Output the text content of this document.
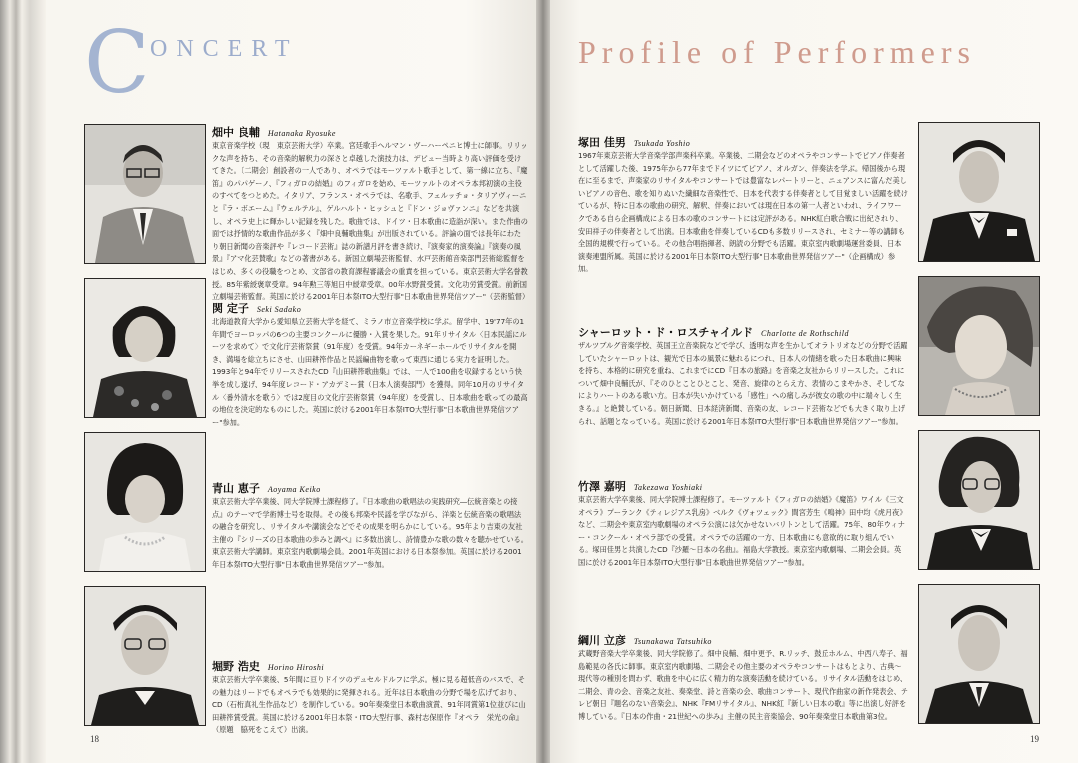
C ONCERT	Profile of Performers
畑中 良輔 Hatanaka Ryosuke

東京音楽学校（現　東京芸術大学）卒業。宮廷歌手ヘルマン・ヴーハーペニヒ博士に師事。リリックな声を持ち、その音楽的解釈力の深さと卓越した演技力は、デビュー当時より高い評価を受けてきた。〔二期会〕創設者の一人であり、オペラではモーツァルト歌手として、第一線に立ち、『魔笛』のパパゲーノ、『フィガロの結婚』のフィガロを始め、モーツァルトのオペラ本邦初演の主役のすべてをつとめた。イタリア、フランス・オペラでは、名歌手、フェルッチョ・タリアヴィーニと『ラ・ボエーム』『ウェルテル』、ゲルハルト・ヒッシュと『ドン・ジョヴァンニ』などを共演し、オペラ史上に輝かしい記録を残した。歌曲では、ドイツ・日本歌曲に造詣が深い。また作曲の面では抒情的な歌曲作品が多く『畑中良輔歌曲集』が出版されている。評論の面では長年にわたり朝日新聞の音楽評や『レコード芸術』誌の新譜月評を書き続け、『演奏家的演奏論』『演奏の風景』『アマ化芸賛歌』などの著書がある。新国立劇場芸術監督、水戸芸術館音楽部門芸術総監督をはじめ、多くの役職をつとめ、文部省の教育課程審議会の重責を担っている。東京芸術大学名誉教授。85年紫綬褒章受章。94年勲三等旭日中綬章受章。00年水野賞受賞。文化功労賞受賞。前新国立劇場芸術監督。英国に於ける2001年日本祭ITO大型行事"日本歌曲世界発信ツアー"（芸術監督）

関 定子 Seki Sadako

北海道教育大学から愛知県立芸術大学を経て、ミラノ市立音楽学校に学ぶ。留学中、19'77年の1年間でヨーロッパの6つの主要コンクールに優勝・入賞を果した。91年リサイタル〈日本民謡にルーツを求めて〉で文化庁芸術祭賞（91年度）を受賞。94年カーネギーホールでリサイタルを開き、満場を総立ちにさせ、山田耕筰作品と民謡編曲物を歌って東西に通じる実力を証明した。1993年と94年でリリースされたCD『山田耕筰歌曲集』では、一人で100曲を収録するという快挙を成し遂げ、94年度レコード・アカデミー賞（日本人演奏部門）を獲得。同年10月のリサイタル〈番外清水を歌う〉では2度目の文化庁芸術祭賞（94年度）を受賞し、日本歌曲を歌っての最高の地位を決定的なものにした。英国に於ける2001年日本祭ITO大型行事"日本歌曲世界発信ツアー"参加。

青山 恵子 Aoyama Keiko

東京芸術大学卒業後、同大学院博士課程修了。『日本歌曲の歌唱法の実践研究―伝統音楽との接点』のテーマで学術博士号を取得。その後も邦楽や民謡を学びながら、洋楽と伝統音楽の歌唱法の融合を研究し、リサイタルや講演会などでその成果を明らかにしている。95年より吉東の友社主催の『シリーズの日本歌曲の歩みと調べ』に多数出演し、詩情豊かな歌の数々を聴かせている。東京芸術大学講師。東京室内歌劇場会員。2001年英国における日本祭参加。英国に於ける2001年日本祭ITO大型行事"日本歌曲世界発信ツアー"参加。

堀野 浩史 Horino Hiroshi

東京芸術大学卒業後、5年間に亘りドイツのデュセルドルフに学ぶ。極に見る超低音のバスで、その魅力はリードでもオペラでも効果的に発揮される。近年は日本歌曲の分野で場を広げており、CD（石桁真礼生作品など）を制作している。90年奏楽堂日本歌曲演賞、91年同賞第1位並びに山田耕筰賞受賞。英国に於ける2001年日本祭・ITO大型行事、森村志保原作『オペラ　栄光の命』（原題　脇死をこえて）出演。

18
塚田 佳男 Tsukada Yoshio

1967年東京芸術大学音楽学部声楽科卒業。卒業後、二期会などのオペラやコンサートでピアノ伴奏者として活躍した後、1975年から77年までドイツにてピアノ、オルガン、伴奏法を学ぶ。帰国後から現在に至るまで、声楽家のリサイタルやコンサートでは豊富なレパートリーと、ニュアンスに富んだ美しいピアノの音色、歌を知りぬいた繊細な音楽性で、日本を代表する伴奏者として目覚ましい活躍を続けているが、特に日本の歌曲の研究、解釈、伴奏においては現在日本の第一人者といわれ、ライフワークである自ら企画構成による日本の歌のコンサートには定評がある。NHK紅白歌合戦に出紀されり、安田祥子の伴奏者として出演。日本歌曲を伴奏しているCDも多数リリースされ、セミナー等の講師も全国的規模で行っている。その他合唱指揮者、朗読の分野でも活躍。東京室内歌劇場運営委員、日本演奏連盟所属。英国に於ける2001年日本祭ITO大型行事"日本歌曲世界発信ツアー"（企画構成）参加。

シャーロット・ド・ロスチャイルド Charlotte de Rothschild

ザルツブルグ音楽学校、英国王立音楽院などで学び、透明な声を生かしてオラトリオなどの分野で活躍していたシャーロットは、観光で日本の風景に魅れるにつれ、日本人の情緒を歌った日本歌曲に興味を持ち、本格的に研究を重ね、これまでにCD『日本の旅路』を音楽之友社からリリースした。これについて畑中良輔氏が、『そのひとことひとこと、発音、旋律のとらえ方、表情のこまやかさ、そしてなによりハートのある歌い方。日本が失いかけている「感性」への痛しみが彼女の歌の中に端々しく生きる。』と絶賛している。朝日新聞、日本経済新聞、音楽の友、レコード芸術などでも大きく取り上げられ、話題となっている。英国に於ける2001年日本祭ITO大型行事"日本歌曲世界発信ツアー"参加。

竹澤 嘉明 Takezawa Yoshiaki

東京芸術大学卒業後、同大学院博士課程修了。モーツァルト《フィガロの結婚》《魔笛》ワイル《三文オペラ》プーランク《ティレジアス乳房》ベルク《ヴォツェック》間宮芳生《鳴神》田中均《虎月夜》など、二期会や東京室内歌劇場のオペラ公演には欠かせないバリトンとして活躍。75年、80年ウィナー・コンクール・オペラ部での受賞。オペラでの活躍の一方、日本歌曲にも意欲的に取り組んでいる。塚田佳男と共演したCD『沙羅～日本の名曲』。福島大学教授。東京室内歌劇場、二期会会員。英国に於ける2001年日本祭ITO大型行事"日本歌曲世界発信ツアー"参加。

綱川 立彦 Tsunakawa Tatsuhiko

武蔵野音楽大学卒業後、同大学院修了。畑中良輔、畑中更予、R.リッチ、鼓丘ホルム、中西八寿子、福島範晃の各氏に師事。東京室内歌劇場、二期会その他主要のオペラやコンサートはもとより、古典～現代等の種別を問わず、歌曲を中心に広く精力的な演奏活動を続けている。リサイタル活動をはじめ、二期会、青の会、音楽之友社、奏楽堂、詩と音楽の会、歌曲コンサート、現代作曲家の新作発表会、テレビ朝日『題名のない音楽会』、NHK『FMリサイタル』、NHK紅『新しい日本の歌』等に出演し好評を博している。『日本の作曲・21世紀への歩み』主催の民主音楽協会、90年奏楽堂日本歌曲第3位。

19
